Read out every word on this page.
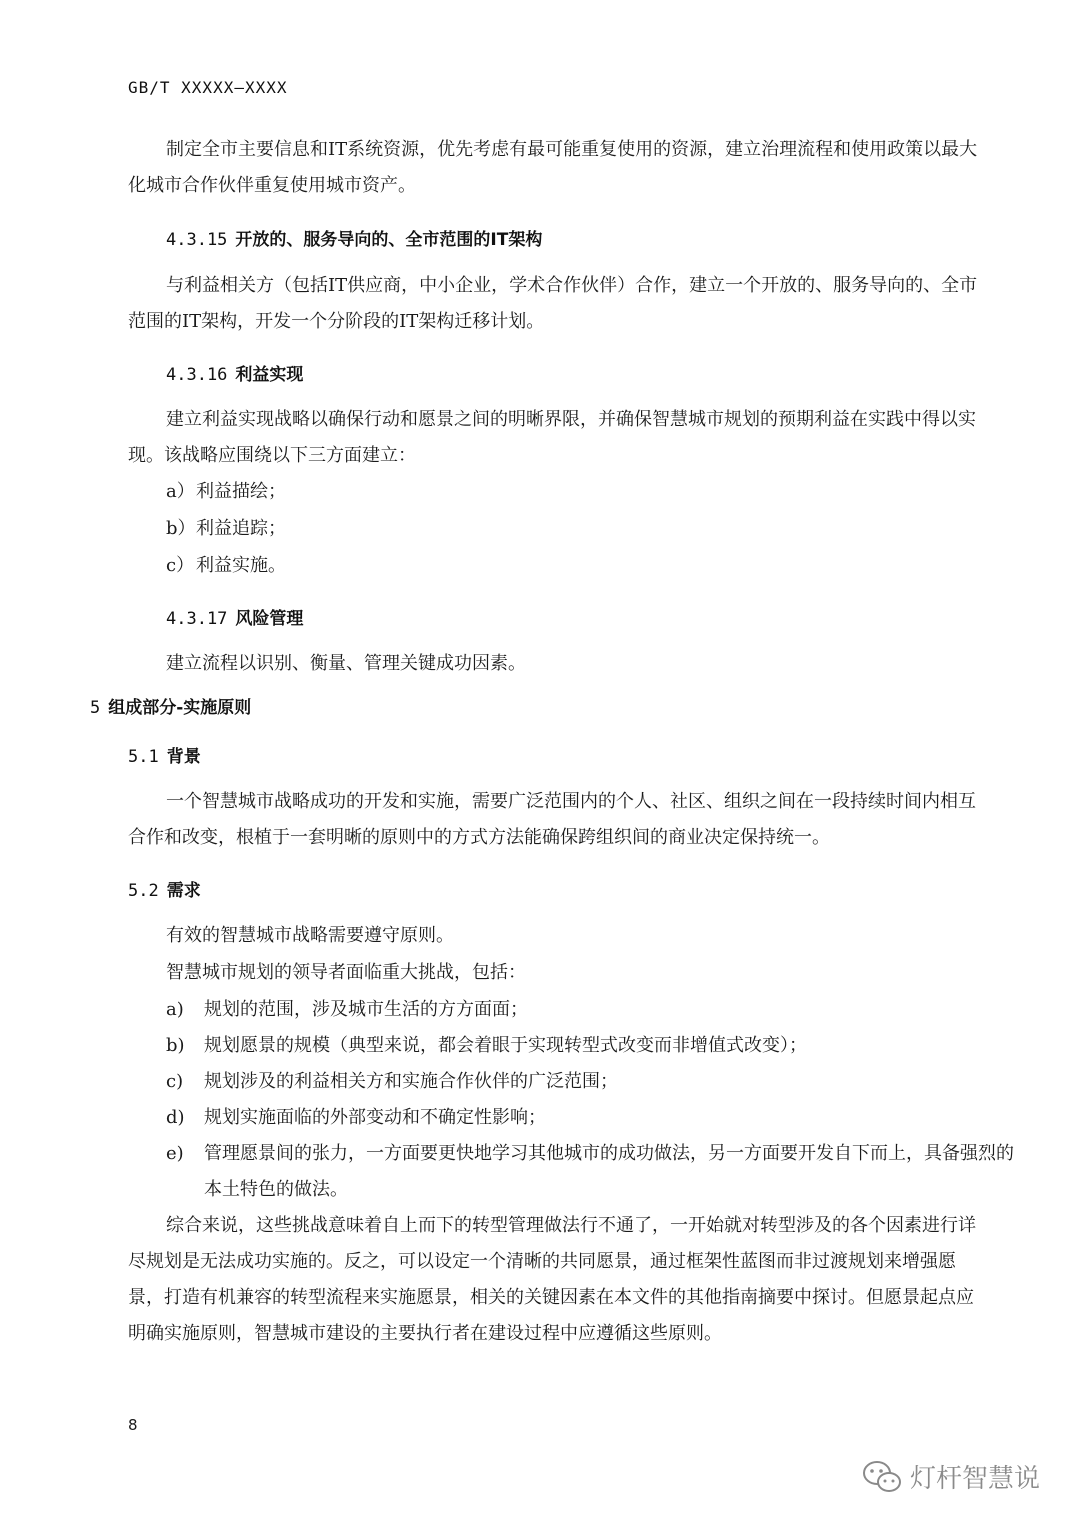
GB/T XXXXX—XXXX

制定全市主要信息和IT系统资源，优先考虑有最可能重复使用的资源，建立治理流程和使用政策以最大化城市合作伙伴重复使用城市资产。

4.3.15 开放的、服务导向的、全市范围的IT架构

与利益相关方（包括IT供应商，中小企业，学术合作伙伴）合作，建立一个开放的、服务导向的、全市范围的IT架构，开发一个分阶段的IT架构迁移计划。

4.3.16 利益实现

建立利益实现战略以确保行动和愿景之间的明晰界限，并确保智慧城市规划的预期利益在实践中得以实现。该战略应围绕以下三方面建立：

a）利益描绘；
b）利益追踪；
c） 利益实施。
4.3.17 风险管理

建立流程以识别、衡量、管理关键成功因素。

5 组成部分-实施原则
5.1 背景

一个智慧城市战略成功的开发和实施，需要广泛范围内的个人、社区、组织之间在一段持续时间内相互合作和改变，根植于一套明晰的原则中的方式方法能确保跨组织间的商业决定保持统一。

5.2 需求

有效的智慧城市战略需要遵守原则。

智慧城市规划的领导者面临重大挑战，包括：

a) 规划的范围，涉及城市生活的方方面面；
b) 规划愿景的规模（典型来说，都会着眼于实现转型式改变而非增值式改变）；
c) 规划涉及的利益相关方和实施合作伙伴的广泛范围；
d) 规划实施面临的外部变动和不确定性影响；
e) 管理愿景间的张力，一方面要更快地学习其他城市的成功做法，另一方面要开发自下而上，具备强烈的本土特色的做法。

综合来说，这些挑战意味着自上而下的转型管理做法行不通了，一开始就对转型涉及的各个因素进行详尽规划是无法成功实施的。反之，可以设定一个清晰的共同愿景，通过框架性蓝图而非过渡规划来增强愿景，打造有机兼容的转型流程来实施愿景，相关的关键因素在本文件的其他指南摘要中探讨。但愿景起点应明确实施原则，智慧城市建设的主要执行者在建设过程中应遵循这些原则。

8
灯杆智慧说
